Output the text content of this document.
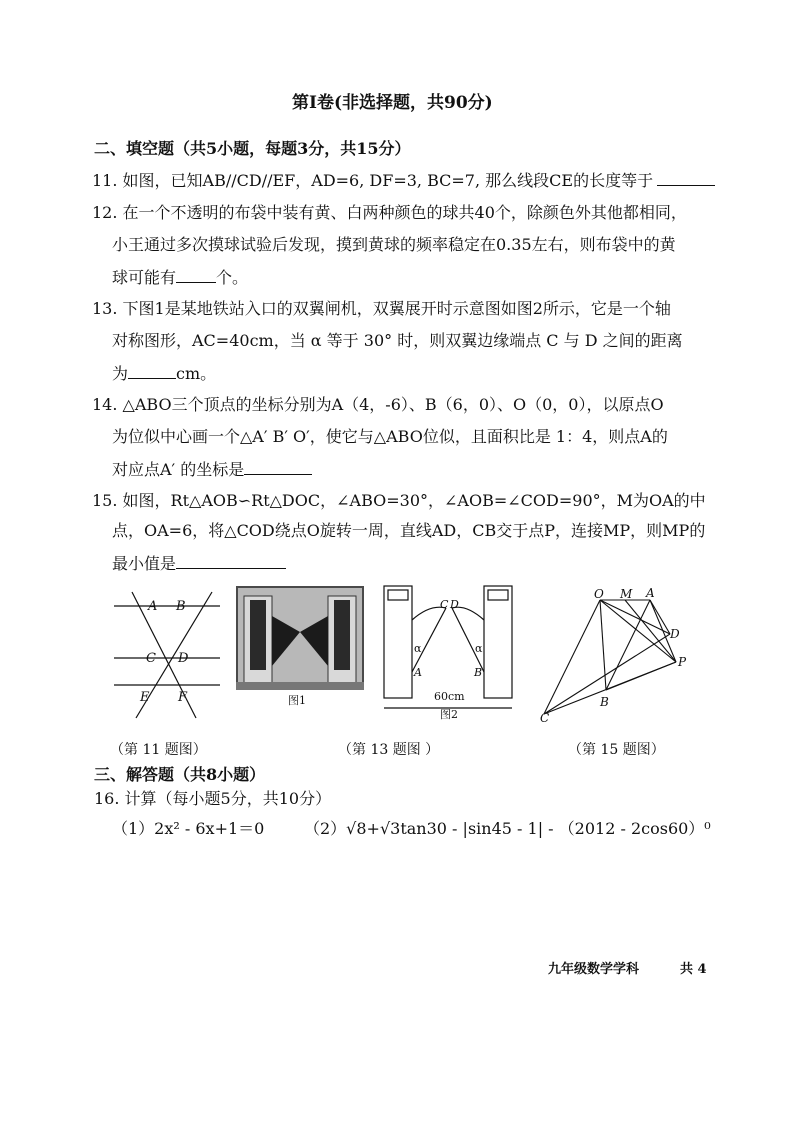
第Ⅰ卷(非选择题，共90分)
二、填空题（共5小题，每题3分，共15分）
11. 如图，已知AB//CD//EF，AD=6, DF=3, BC=7, 那么线段CE的长度等于
12. 在一个不透明的布袋中装有黄、白两种颜色的球共40个，除颜色外其他都相同，
小王通过多次摸球试验后发现，摸到黄球的频率稳定在0.35左右，则布袋中的黄
球可能有	个。
13. 下图1是某地铁站入口的双翼闸机，双翼展开时示意图如图2所示，它是一个轴
对称图形，AC=40cm，当 α 等于 30° 时，则双翼边缘端点 C 与 D 之间的距离
为	cm。
14. △ABO三个顶点的坐标分别为A（4，-6）、B（6，0）、O（0，0），以原点O
为位似中心画一个△A′ B′ O′，使它与△ABO位似，且面积比是 1：4，则点A的
对应点A′ 的坐标是
15. 如图，Rt△AOB∽Rt△DOC，∠ABO=30°，∠AOB=∠COD=90°，M为OA的中
点，OA=6，将△COD绕点O旋转一周，直线AD，CB交于点P，连接MP，则MP的
最小值是
A B
C D
E F	图1
C D
A	B
α	α
60cm
图2
O M A
D
P
B
C
（第 11 题图）	（第 13 题图 ）	（第 15 题图）
三、解答题（共8小题）
16. 计算（每小题5分，共10分）
（1）2x² - 6x+1＝0 （2）√8+√3tan30 - |sin45 - 1| - （2012 - 2cos60）⁰
九年级数学学科	共 4
